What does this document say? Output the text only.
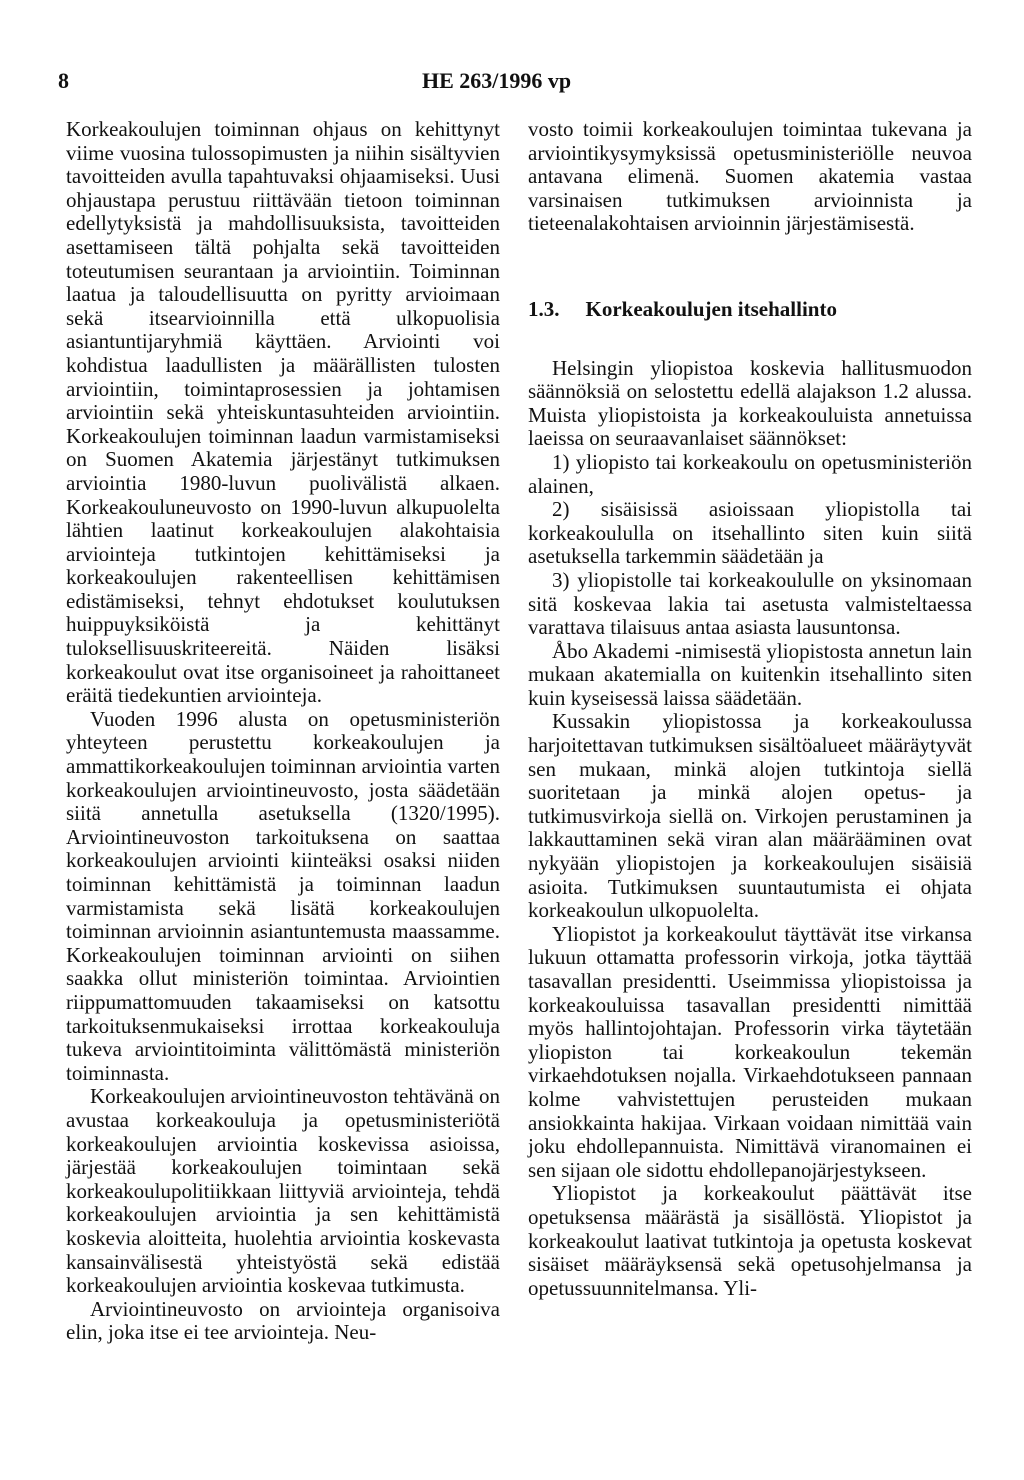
8	HE 263/1996 vp

Korkeakoulujen toiminnan ohjaus on kehittynyt viime vuosina tulossopimusten ja niihin sisältyvien tavoitteiden avulla tapahtuvaksi ohjaamiseksi. Uusi ohjaustapa perustuu riittävään tietoon toiminnan edellytyksistä ja mahdollisuuksista, tavoitteiden asettamiseen tältä pohjalta sekä tavoitteiden toteutumisen seurantaan ja arviointiin. Toiminnan laatua ja taloudellisuutta on pyritty arvioimaan sekä itsearvioinnilla että ulkopuolisia asiantuntijaryhmiä käyttäen. Arviointi voi kohdistua laadullisten ja määrällisten tulosten arviointiin, toimintaprosessien ja johtamisen arviointiin sekä yhteiskuntasuhteiden arviointiin. Korkeakoulujen toiminnan laadun varmistamiseksi on Suomen Akatemia järjestänyt tutkimuksen arviointia 1980-luvun puolivälistä alkaen. Korkeakouluneuvosto on 1990-luvun alkupuolelta lähtien laatinut korkeakoulujen alakohtaisia arviointeja tutkintojen kehittämiseksi ja korkeakoulujen rakenteellisen kehittämisen edistämiseksi, tehnyt ehdotukset koulutuksen huippuyksiköistä ja kehittänyt tuloksellisuuskriteereitä. Näiden lisäksi korkeakoulut ovat itse organisoineet ja rahoittaneet eräitä tiedekuntien arviointeja.

Vuoden 1996 alusta on opetusministeriön yhteyteen perustettu korkeakoulujen ja ammattikorkeakoulujen toiminnan arviointia varten korkeakoulujen arviointineuvosto, josta säädetään siitä annetulla asetuksella (1320/1995). Arviointineuvoston tarkoituksena on saattaa korkeakoulujen arviointi kiinteäksi osaksi niiden toiminnan kehittämistä ja toiminnan laadun varmistamista sekä lisätä korkeakoulujen toiminnan arvioinnin asiantuntemusta maassamme. Korkeakoulujen toiminnan arviointi on siihen saakka ollut ministeriön toimintaa. Arviointien riippumattomuuden takaamiseksi on katsottu tarkoituksenmukaiseksi irrottaa korkeakouluja tukeva arviointitoiminta välittömästä ministeriön toiminnasta.

Korkeakoulujen arviointineuvoston tehtävänä on avustaa korkeakouluja ja opetusministeriötä korkeakoulujen arviointia koskevissa asioissa, järjestää korkeakoulujen toimintaan sekä korkeakoulupolitiikkaan liittyviä arviointeja, tehdä korkeakoulujen arviointia ja sen kehittämistä koskevia aloitteita, huolehtia arviointia koskevasta kansainvälisestä yhteistyöstä sekä edistää korkeakoulujen arviointia koskevaa tutkimusta.

Arviointineuvosto on arviointeja organisoiva elin, joka itse ei tee arviointeja. Neu-

vosto toimii korkeakoulujen toimintaa tukevana ja arviointikysymyksissä opetusministeriölle neuvoa antavana elimenä. Suomen akatemia vastaa varsinaisen tutkimuksen arvioinnista ja tieteenalakohtaisen arvioinnin järjestämisestä.

1.3. Korkeakoulujen itsehallinto

Helsingin yliopistoa koskevia hallitusmuodon säännöksiä on selostettu edellä alajakson 1.2 alussa. Muista yliopistoista ja korkeakouluista annetuissa laeissa on seuraavanlaiset säännökset:

1) yliopisto tai korkeakoulu on opetusministeriön alainen,

2) sisäisissä asioissaan yliopistolla tai korkeakoululla on itsehallinto siten kuin siitä asetuksella tarkemmin säädetään ja

3) yliopistolle tai korkeakoululle on yksinomaan sitä koskevaa lakia tai asetusta valmisteltaessa varattava tilaisuus antaa asiasta lausuntonsa.

Åbo Akademi -nimisestä yliopistosta annetun lain mukaan akatemialla on kuitenkin itsehallinto siten kuin kyseisessä laissa säädetään.

Kussakin yliopistossa ja korkeakoulussa harjoitettavan tutkimuksen sisältöalueet määräytyvät sen mukaan, minkä alojen tutkintoja siellä suoritetaan ja minkä alojen opetus- ja tutkimusvirkoja siellä on. Virkojen perustaminen ja lakkauttaminen sekä viran alan määrääminen ovat nykyään yliopistojen ja korkeakoulujen sisäisiä asioita. Tutkimuksen suuntautumista ei ohjata korkeakoulun ulkopuolelta.

Yliopistot ja korkeakoulut täyttävät itse virkansa lukuun ottamatta professorin virkoja, jotka täyttää tasavallan presidentti. Useimmissa yliopistoissa ja korkeakouluissa tasavallan presidentti nimittää myös hallintojohtajan. Professorin virka täytetään yliopiston tai korkeakoulun tekemän virkaehdotuksen nojalla. Virkaehdotukseen pannaan kolme vahvistettujen perusteiden mukaan ansiokkainta hakijaa. Virkaan voidaan nimittää vain joku ehdollepannuista. Nimittävä viranomainen ei sen sijaan ole sidottu ehdollepanojärjestykseen.

Yliopistot ja korkeakoulut päättävät itse opetuksensa määrästä ja sisällöstä. Yliopistot ja korkeakoulut laativat tutkintoja ja opetusta koskevat sisäiset määräyksensä sekä opetusohjelmansa ja opetussuunnitelmansa. Yli-
